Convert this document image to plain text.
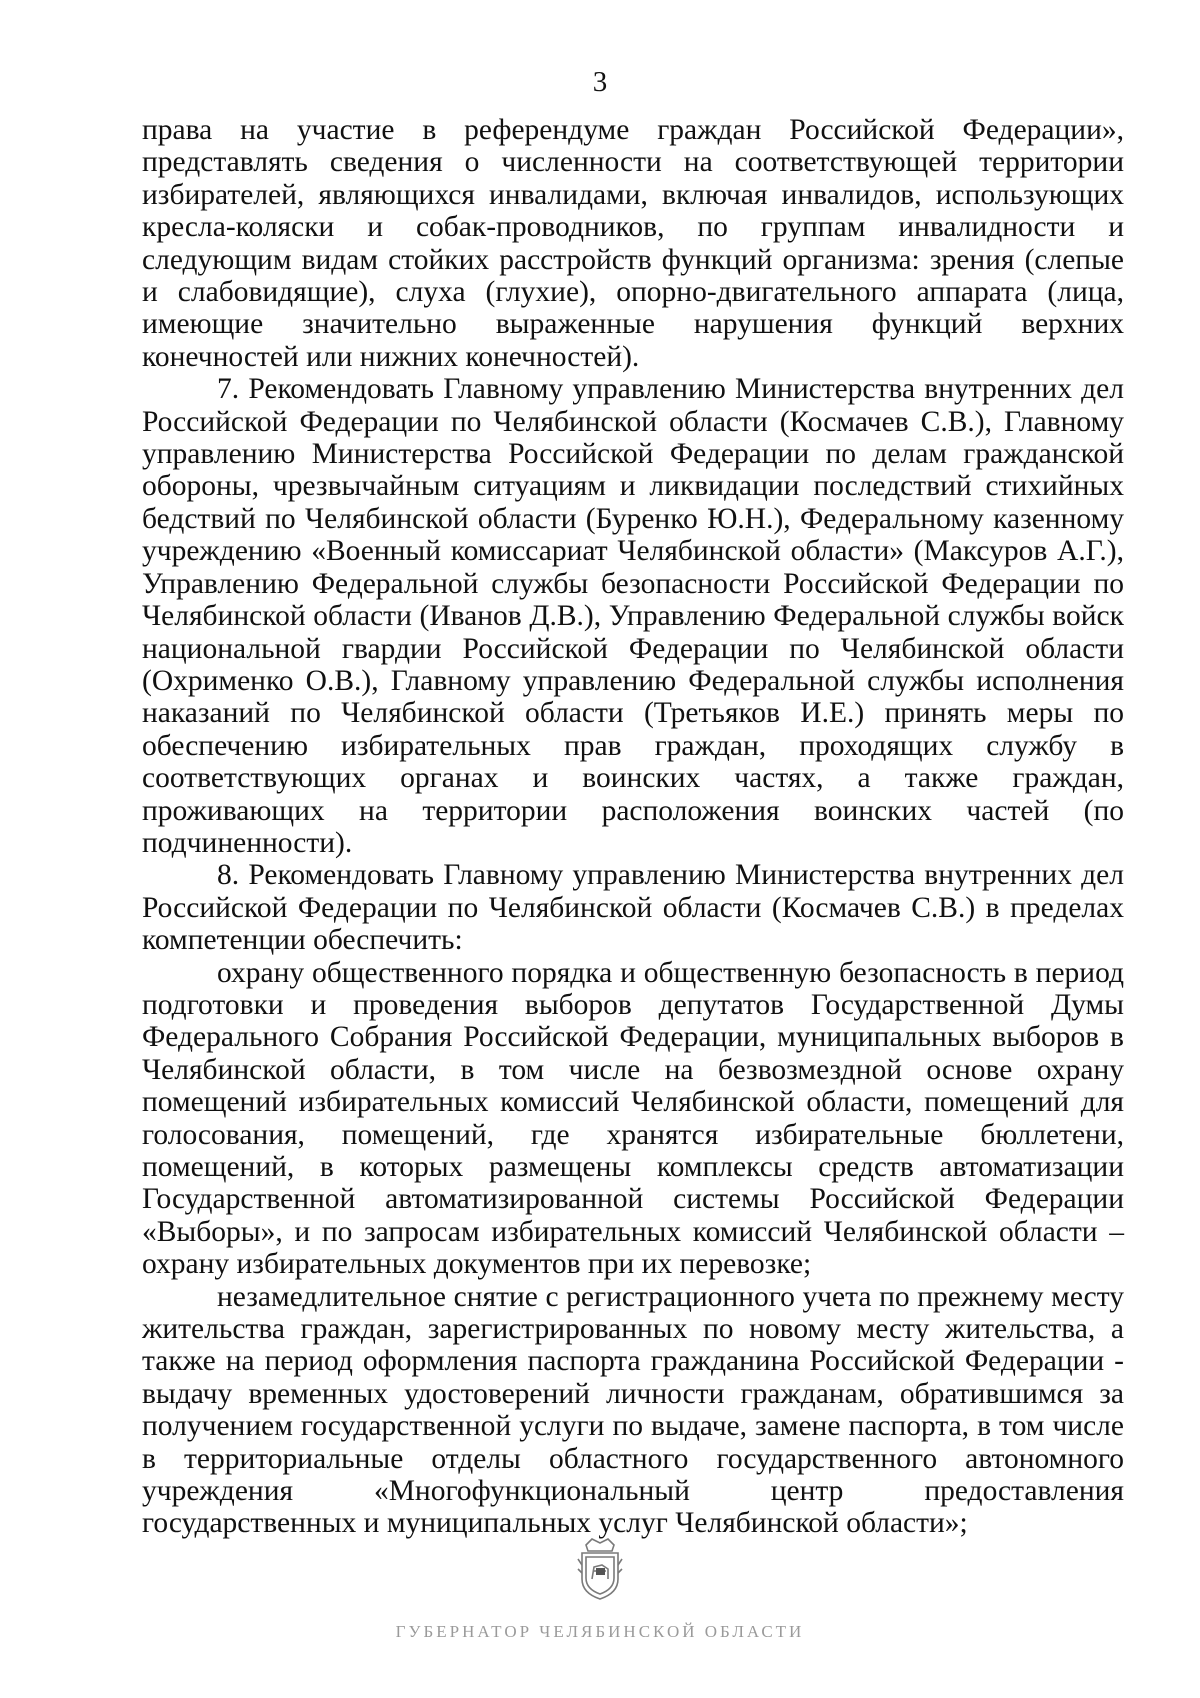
3

права на участие в референдуме граждан Российской Федерации», представлять сведения о численности на соответствующей территории избирателей, являющихся инвалидами, включая инвалидов, использующих кресла-коляски и собак-проводников, по группам инвалидности и следующим видам стойких расстройств функций организма: зрения (слепые и слабовидящие), слуха (глухие), опорно-двигательного аппарата (лица, имеющие значительно выраженные нарушения функций верхних конечностей или нижних конечностей).

7. Рекомендовать Главному управлению Министерства внутренних дел Российской Федерации по Челябинской области (Космачев С.В.), Главному управлению Министерства Российской Федерации по делам гражданской обороны, чрезвычайным ситуациям и ликвидации последствий стихийных бедствий по Челябинской области (Буренко Ю.Н.), Федеральному казенному учреждению «Военный комиссариат Челябинской области» (Максуров А.Г.), Управлению Федеральной службы безопасности Российской Федерации по Челябинской области (Иванов Д.В.), Управлению Федеральной службы войск национальной гвардии Российской Федерации по Челябинской области (Охрименко О.В.), Главному управлению Федеральной службы исполнения наказаний по Челябинской области (Третьяков И.Е.) принять меры по обеспечению избирательных прав граждан, проходящих службу в соответствующих органах и воинских частях, а также граждан, проживающих на территории расположения воинских частей (по подчиненности).

8. Рекомендовать Главному управлению Министерства внутренних дел Российской Федерации по Челябинской области (Космачев С.В.) в пределах компетенции обеспечить:

охрану общественного порядка и общественную безопасность в период подготовки и проведения выборов депутатов Государственной Думы Федерального Собрания Российской Федерации, муниципальных выборов в Челябинской области, в том числе на безвозмездной основе охрану помещений избирательных комиссий Челябинской области, помещений для голосования, помещений, где хранятся избирательные бюллетени, помещений, в которых размещены комплексы средств автоматизации Государственной автоматизированной системы Российской Федерации «Выборы», и по запросам избирательных комиссий Челябинской области – охрану избирательных документов при их перевозке;

незамедлительное снятие с регистрационного учета по прежнему месту жительства граждан, зарегистрированных по новому месту жительства, а также на период оформления паспорта гражданина Российской Федерации - выдачу временных удостоверений личности гражданам, обратившимся за получением государственной услуги по выдаче, замене паспорта, в том числе в территориальные отделы областного государственного автономного учреждения «Многофункциональный центр предоставления государственных и муниципальных услуг Челябинской области»;

ГУБЕРНАТОР ЧЕЛЯБИНСКОЙ ОБЛАСТИ
